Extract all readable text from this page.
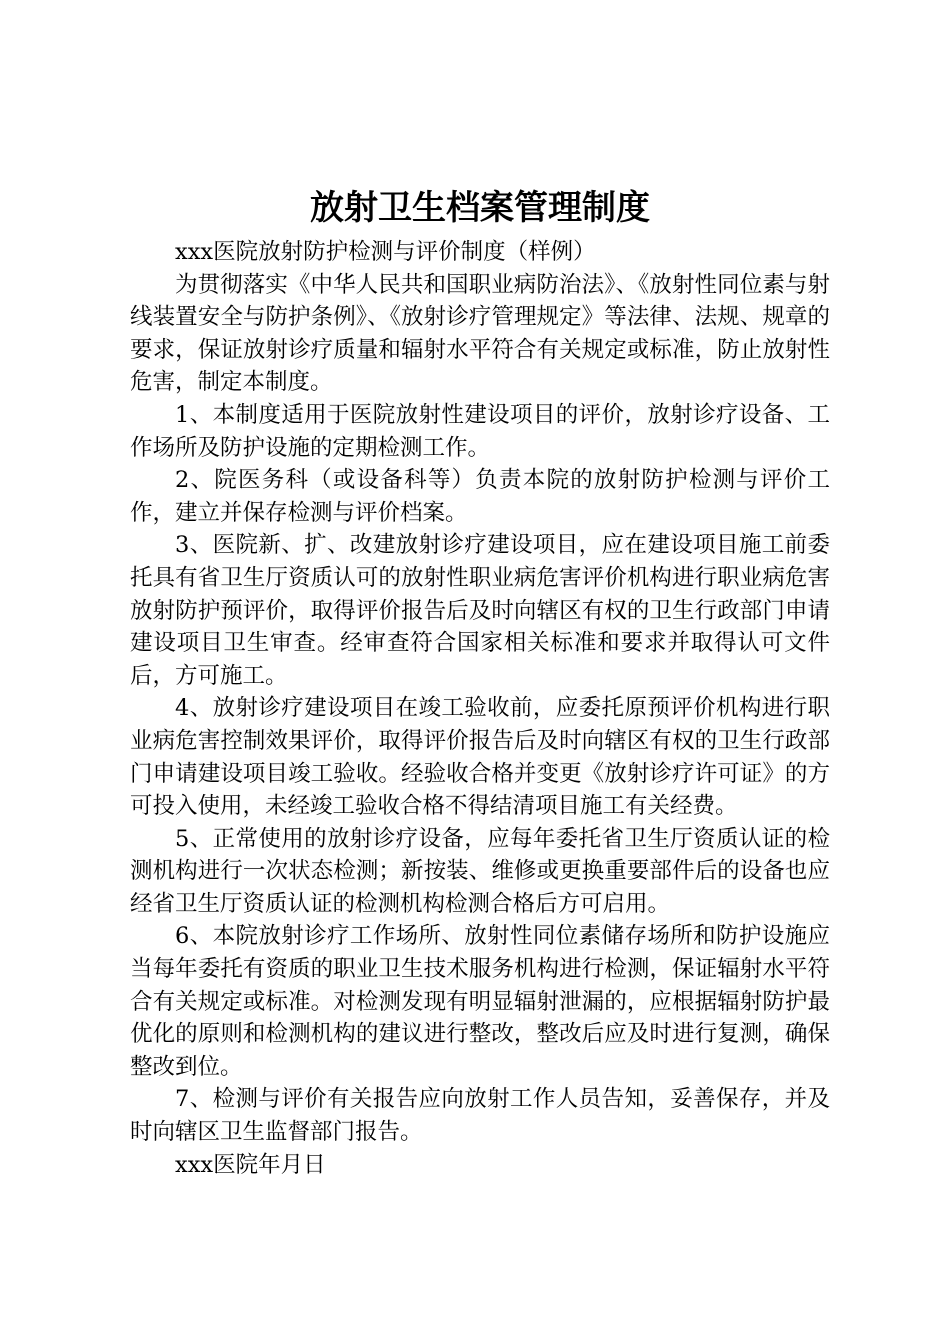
放射卫生档案管理制度

xxx医院放射防护检测与评价制度（样例）

为贯彻落实《中华人民共和国职业病防治法》、《放射性同位素与射线装置安全与防护条例》、《放射诊疗管理规定》等法律、法规、规章的要求，保证放射诊疗质量和辐射水平符合有关规定或标准，防止放射性危害，制定本制度。

1、本制度适用于医院放射性建设项目的评价，放射诊疗设备、工作场所及防护设施的定期检测工作。

2、院医务科（或设备科等）负责本院的放射防护检测与评价工作，建立并保存检测与评价档案。

3、医院新、扩、改建放射诊疗建设项目，应在建设项目施工前委托具有省卫生厅资质认可的放射性职业病危害评价机构进行职业病危害放射防护预评价，取得评价报告后及时向辖区有权的卫生行政部门申请建设项目卫生审查。经审查符合国家相关标准和要求并取得认可文件后，方可施工。

4、放射诊疗建设项目在竣工验收前，应委托原预评价机构进行职业病危害控制效果评价，取得评价报告后及时向辖区有权的卫生行政部门申请建设项目竣工验收。经验收合格并变更《放射诊疗许可证》的方可投入使用，未经竣工验收合格不得结清项目施工有关经费。

5、正常使用的放射诊疗设备，应每年委托省卫生厅资质认证的检测机构进行一次状态检测；新按装、维修或更换重要部件后的设备也应经省卫生厅资质认证的检测机构检测合格后方可启用。

6、本院放射诊疗工作场所、放射性同位素储存场所和防护设施应当每年委托有资质的职业卫生技术服务机构进行检测，保证辐射水平符合有关规定或标准。对检测发现有明显辐射泄漏的，应根据辐射防护最优化的原则和检测机构的建议进行整改，整改后应及时进行复测，确保整改到位。

7、检测与评价有关报告应向放射工作人员告知，妥善保存，并及时向辖区卫生监督部门报告。

xxx医院年月日
